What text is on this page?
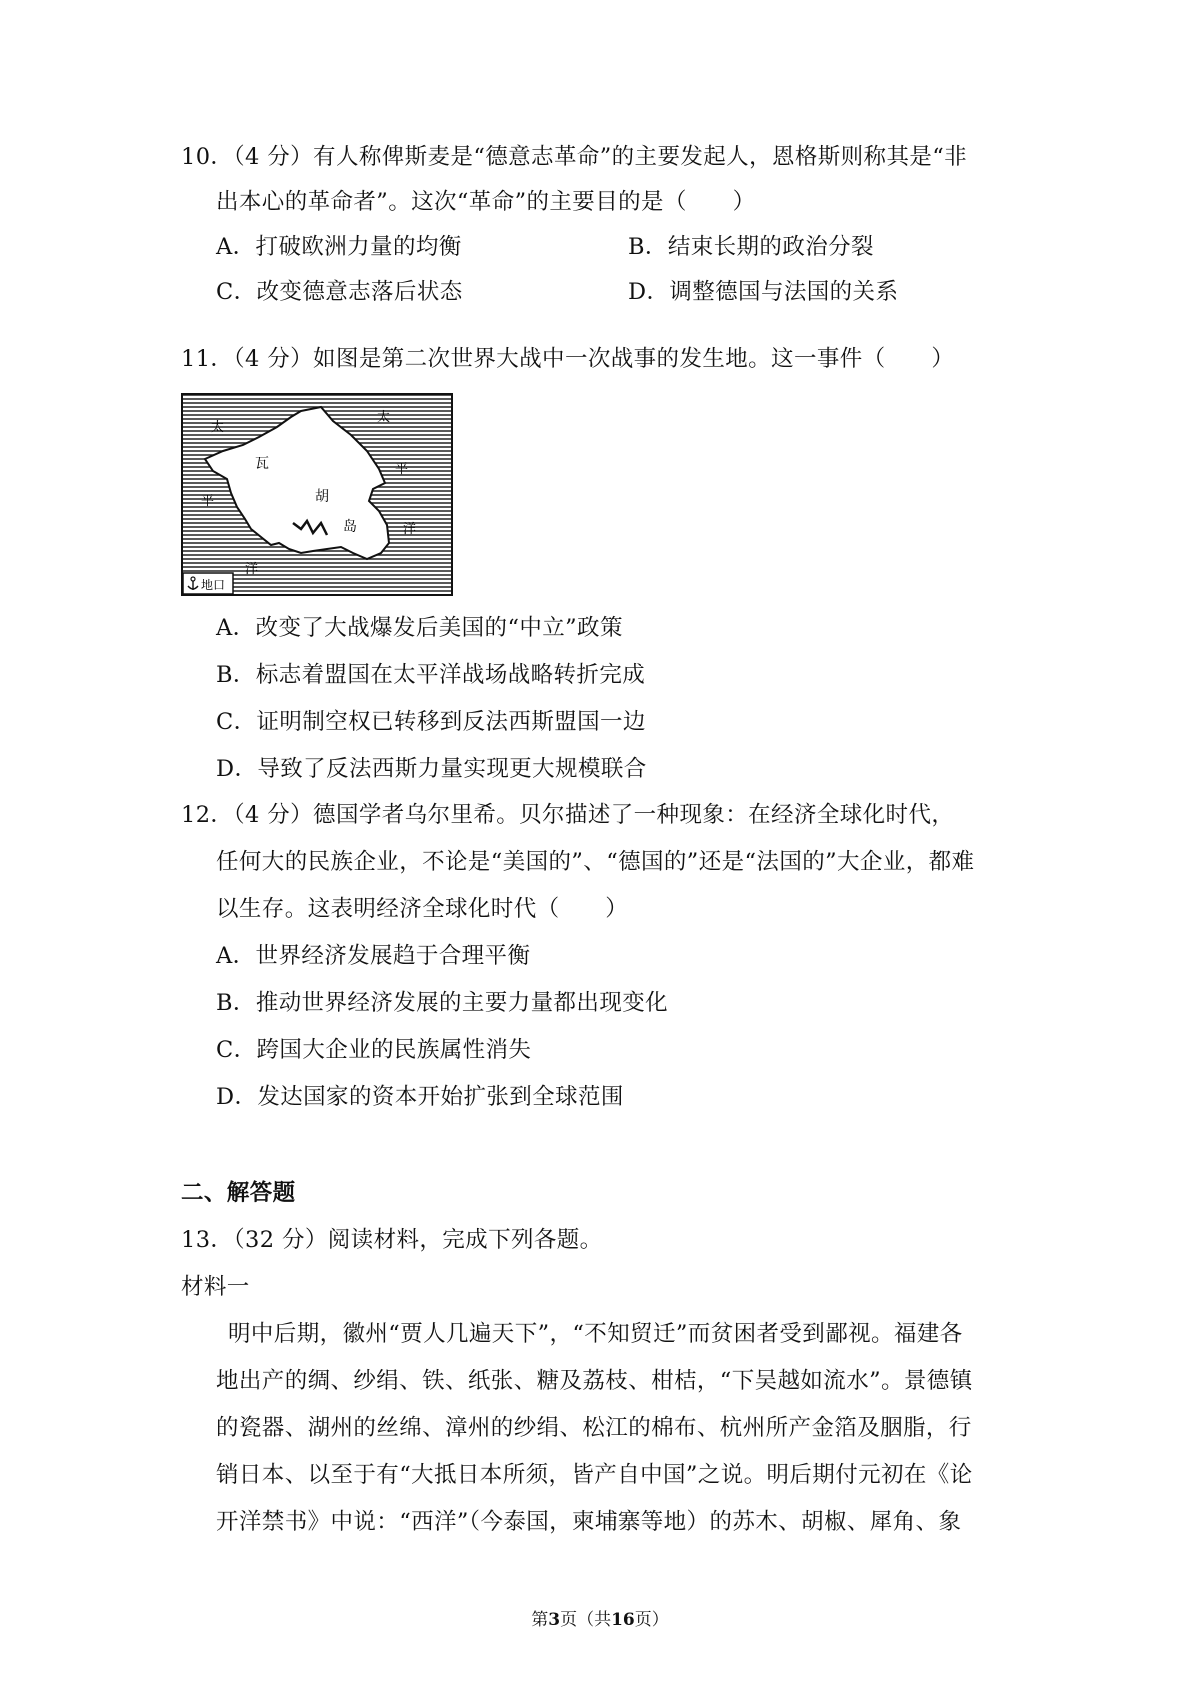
10．（4 分）有人称俾斯麦是“德意志革命”的主要发起人，恩格斯则称其是“非
出本心的革命者”。这次“革命”的主要目的是（　　）
A．打破欧洲力量的均衡	B．结束长期的政治分裂
C．改变德意志落后状态	D．调整德国与法国的关系
11．（4 分）如图是第二次世界大战中一次战事的发生地。这一事件（　　）
太
太
平
平
洋
洋
瓦
胡
岛
地口
A．改变了大战爆发后美国的“中立”政策
B．标志着盟国在太平洋战场战略转折完成
C．证明制空权已转移到反法西斯盟国一边
D．导致了反法西斯力量实现更大规模联合
12．（4 分）德国学者乌尔里希。贝尔描述了一种现象：在经济全球化时代，
任何大的民族企业，不论是“美国的”、“德国的”还是“法国的”大企业，都难
以生存。这表明经济全球化时代（　　）
A．世界经济发展趋于合理平衡
B．推动世界经济发展的主要力量都出现变化
C．跨国大企业的民族属性消失
D．发达国家的资本开始扩张到全球范围
二、解答题
13．（32 分）阅读材料，完成下列各题。
材料一
明中后期，徽州“贾人几遍天下”，“不知贸迁”而贫困者受到鄙视。福建各
地出产的绸、纱绢、铁、纸张、糖及荔枝、柑桔，“下吴越如流水”。景德镇
的瓷器、湖州的丝绵、漳州的纱绢、松江的棉布、杭州所产金箔及胭脂，行
销日本、以至于有“大抵日本所须，皆产自中国”之说。明后期付元初在《论
开洋禁书》中说：“西洋”（今泰国，柬埔寨等地）的苏木、胡椒、犀角、象
第3页（共16页）
